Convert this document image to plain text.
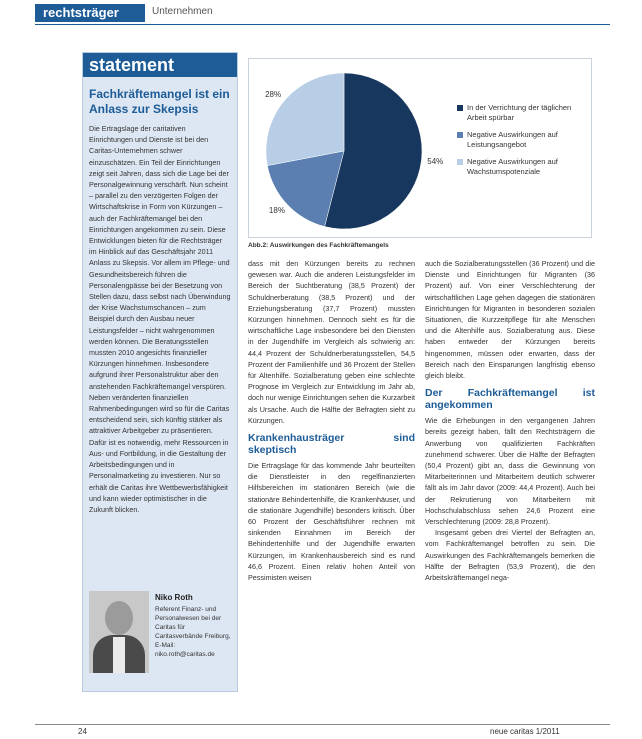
rechtsträger	Unternehmen
statement
Fachkräftemangel ist ein Anlass zur Skepsis
Die Ertragslage der caritativen Einrichtungen und Dienste ist bei den Caritas-Unternehmen schwer einzuschätzen. Ein Teil der Einrichtungen zeigt seit Jahren, dass sich die Lage bei der Personalgewinnung verschärft. Nun scheint – parallel zu den verzögerten Folgen der Wirtschaftskrise in Form von Kürzungen – auch der Fachkräftemangel bei den Einrichtungen angekommen zu sein. Diese Entwicklungen bieten für die Rechtsträger im Hinblick auf das Geschäftsjahr 2011 Anlass zu Skepsis. Vor allem im Pflege- und Gesundheitsbereich führen die Personalengpässe bei der Besetzung von Stellen dazu, dass selbst nach Überwindung der Krise Wachstumschancen – zum Beispiel durch den Ausbau neuer Leistungsfelder – nicht wahrgenommen werden können. Die Beratungsstellen mussten 2010 angesichts finanzieller Kürzungen hinnehmen. Insbesondere aufgrund ihrer Personalstruktur aber den anstehenden Fachkräftemangel verspüren. Neben veränderten finanziellen Rahmenbedingungen wird so für die Caritas entscheidend sein, sich künftig stärker als attraktiver Arbeitgeber zu präsentieren. Dafür ist es notwendig, mehr Ressourcen in Aus- und Fortbildung, in die Gestaltung der Arbeitsbedingungen und in Personalmarketing zu investieren. Nur so erhält die Caritas ihre Wettbewerbsfähigkeit und kann wieder optimistischer in die Zukunft blicken.
Niko Roth
Referent Finanz- und Personalwesen bei der Caritas für Caritasverbände Freiburg, E-Mail: niko.roth@caritas.de
54%
18%
28%
In der Verrichtung der täglichen Arbeit spürbar
Negative Auswirkungen auf Leistungsangebot
Negative Auswirkungen auf Wachstumspotenziale
Abb.2: Auswirkungen des Fachkräftemangels

dass mit den Kürzungen bereits zu rechnen gewesen war. Auch die anderen Leistungsfelder im Bereich der Suchtberatung (38,5 Prozent) der Schuldnerberatung (38,5 Prozent) und der Erziehungsberatung (37,7 Prozent) mussten Kürzungen hinnehmen. Dennoch sieht es für die wirtschaftliche Lage insbesondere bei den Diensten in der Jugendhilfe im Vergleich als schwierig an: 44,4 Prozent der Schuldnerberatungsstellen, 54,5 Prozent der Familienhilfe und 36 Prozent der Stellen für Altenhilfe. Sozialberatung geben eine schlechte Prognose im Vergleich zur Entwicklung im Jahr ab, doch nur wenige Einrichtungen sehen die Kurzarbeit als Ursache. Auch die Hälfte der Befragten sieht zu Kürzungen.

Krankenhausträger sind skeptisch

Die Ertragslage für das kommende Jahr beurteilten die Dienstleister in den regelfinanzierten Hilfsbereichen im stationären Bereich (wie die stationäre Behindertenhilfe, die Krankenhäuser, und die stationäre Jugendhilfe) besonders kritisch. Über 60 Prozent der Geschäftsführer rechnen mit sinkenden Einnahmen im Bereich der Behindertenhilfe und der Jugendhilfe erwarten Kürzungen, im Krankenhausbereich sind es rund 46,6 Prozent. Einen relativ hohen Anteil von Pessimisten weisen

auch die Sozialberatungsstellen (36 Prozent) und die Dienste und Einrichtungen für Migranten (36 Prozent) auf. Von einer Verschlechterung der wirtschaftlichen Lage gehen dagegen die stationären Einrichtungen für Migranten in besonderen sozialen Situationen, die Kurzzeitpflege für alte Menschen und die Altenhilfe aus. Sozialberatung aus. Diese haben entweder der Kürzungen bereits hingenommen, müssen oder erwarten, dass der Bereich nach den Einsparungen langfristig ebenso gleich bleibt.

Der Fachkräftemangel ist angekommen

Wie die Erhebungen in den vergangenen Jahren bereits gezeigt haben, fällt den Rechtsträgern die Anwerbung von qualifizierten Fachkräften zunehmend schwerer. Über die Hälfte der Befragten (50,4 Prozent) gibt an, dass die Gewinnung von Mitarbeiterinnen und Mitarbeitern deutlich schwerer fällt als im Jahr davor (2009: 44,4 Prozent). Auch bei der Rekrutierung von Mitarbeitern mit Hochschulabschluss sehen 24,6 Prozent eine Verschlechterung (2009: 28,8 Prozent).

Insgesamt geben drei Viertel der Befragten an, vom Fachkräftemangel betroffen zu sein. Die Auswirkungen des Fachkräftemangels bemerken die Hälfte der Befragten (53,9 Prozent), die den Arbeitskräftemangel nega-

24	neue caritas 1/2011
